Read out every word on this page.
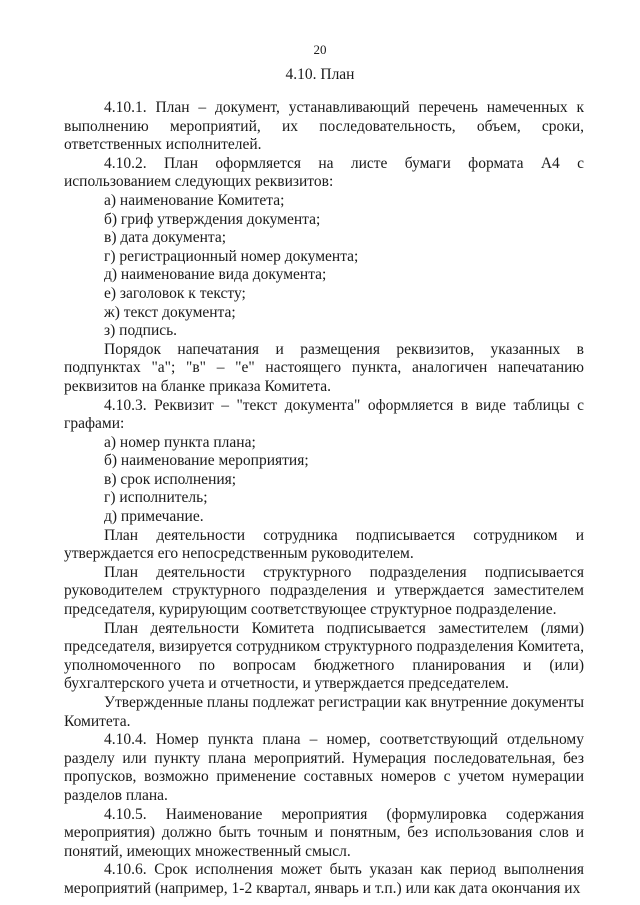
20
4.10. План

4.10.1. План – документ, устанавливающий перечень намеченных к выполнению мероприятий, их последовательность, объем, сроки, ответственных исполнителей.

4.10.2. План оформляется на листе бумаги формата А4 с использованием следующих реквизитов:

а) наименование Комитета;

б) гриф утверждения документа;

в) дата документа;

г) регистрационный номер документа;

д) наименование вида документа;

е) заголовок к тексту;

ж) текст документа;

з) подпись.

Порядок напечатания и размещения реквизитов, указанных в подпунктах "а"; "в" – "е" настоящего пункта, аналогичен напечатанию реквизитов на бланке приказа Комитета.

4.10.3. Реквизит – "текст документа" оформляется в виде таблицы с графами:

а) номер пункта плана;

б) наименование мероприятия;

в) срок исполнения;

г) исполнитель;

д) примечание.

План деятельности сотрудника подписывается сотрудником и утверждается его непосредственным руководителем.

План деятельности структурного подразделения подписывается руководителем структурного подразделения и утверждается заместителем председателя, курирующим соответствующее структурное подразделение.

План деятельности Комитета подписывается заместителем (лями) председателя, визируется сотрудником структурного подразделения Комитета, уполномоченного по вопросам бюджетного планирования и (или) бухгалтерского учета и отчетности, и утверждается председателем.

Утвержденные планы подлежат регистрации как внутренние документы Комитета.

4.10.4. Номер пункта плана – номер, соответствующий отдельному разделу или пункту плана мероприятий. Нумерация последовательная, без пропусков, возможно применение составных номеров с учетом нумерации разделов плана.

4.10.5. Наименование мероприятия (формулировка содержания мероприятия) должно быть точным и понятным, без использования слов и понятий, имеющих множественный смысл.

4.10.6. Срок исполнения может быть указан как период выполнения мероприятий (например, 1-2 квартал, январь и т.п.) или как дата окончания их
